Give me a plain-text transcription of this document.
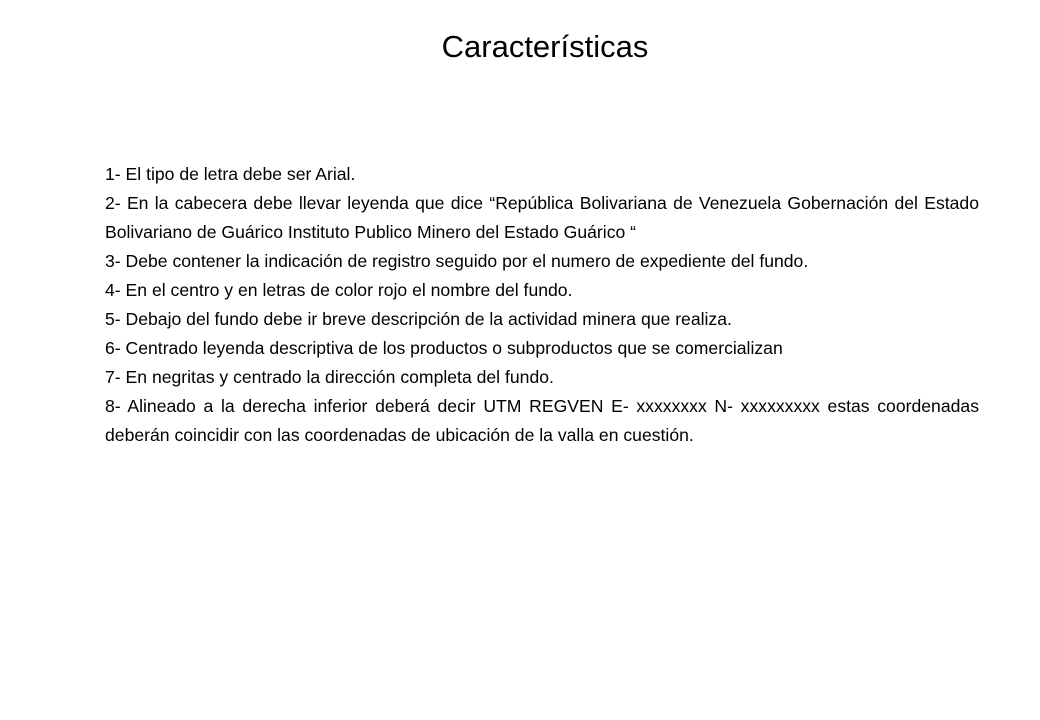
Características

1- El tipo de letra debe ser Arial.

2- En la cabecera debe llevar leyenda que dice “República Bolivariana de Venezuela Gobernación del Estado Bolivariano de Guárico Instituto Publico Minero del Estado Guárico “

3- Debe contener la indicación de registro seguido por el numero de expediente del fundo.

4- En el centro y en letras de color rojo el nombre del fundo.

5- Debajo del fundo debe ir breve descripción de la actividad minera que realiza.

6- Centrado leyenda descriptiva de los productos o subproductos que se comercializan

7- En negritas y centrado la dirección completa del fundo.

8- Alineado a la derecha inferior deberá decir UTM REGVEN E- xxxxxxxx N- xxxxxxxxx estas coordenadas deberán coincidir con las coordenadas de ubicación de la valla en cuestión.
